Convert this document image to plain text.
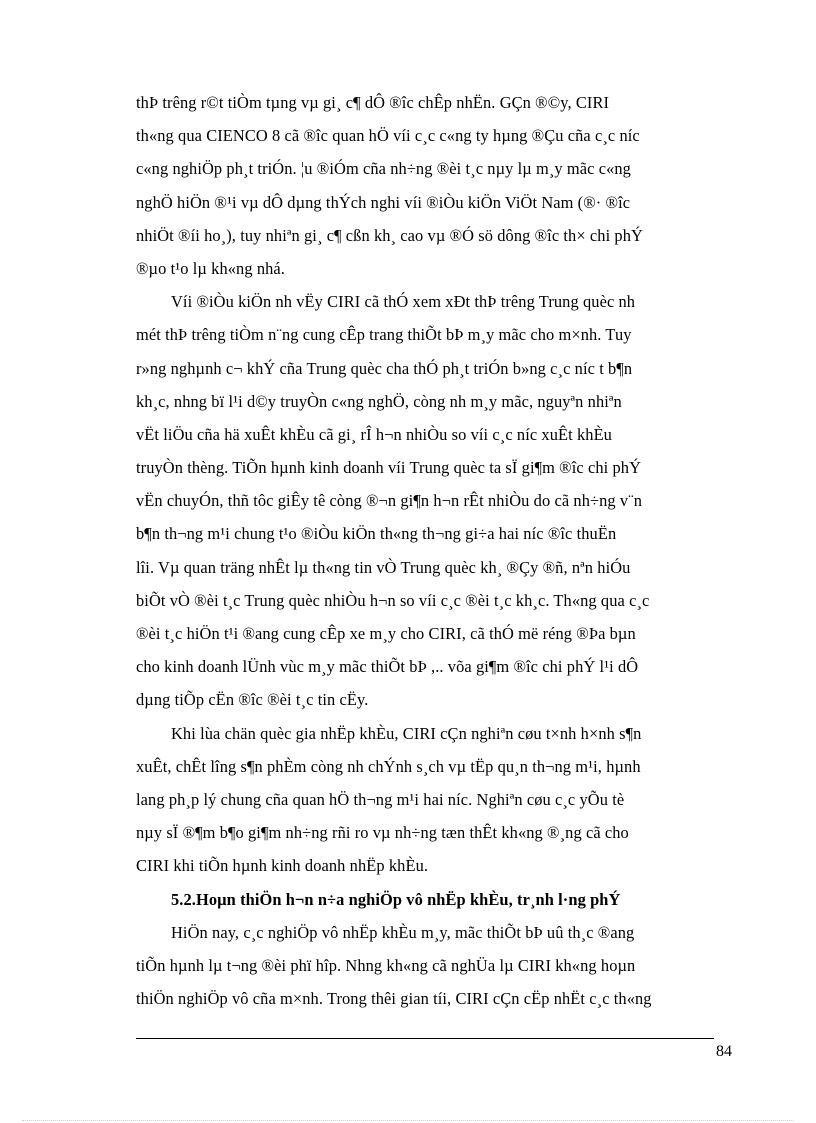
thÞ trêng r©t tiÒm tµng vµ gi¸ c¶ dÔ ®îc chÊp nhËn. GÇn ®©y, CIRI
th«ng qua CIENCO 8 cã ®îc quan hÖ víi c¸c c«ng ty hµng ®Çu cña c¸c níc
c«ng nghiÖp ph¸t triÓn. ¦u ®iÓm cña nh÷ng ®èi t¸c nµy lµ m¸y mãc c«ng
nghÖ hiÖn ®¹i vµ dÔ dµng thÝch nghi víi ®iÒu kiÖn ViÖt Nam (®· ®îc
nhiÖt ®íi ho¸), tuy nhiªn gi¸ c¶ cßn kh¸ cao vµ ®Ó sö dông ®îc th× chi phÝ
®µo t¹o lµ kh«ng nhá.
Víi ®iÒu kiÖn nh vËy CIRI cã thÓ xem xÐt thÞ trêng Trung quèc nh
mét thÞ trêng tiÒm n¨ng cung cÊp trang thiÕt bÞ m¸y mãc cho m×nh. Tuy
r»ng nghµnh c¬ khÝ cña Trung quèc cha thÓ ph¸t triÓn b»ng c¸c níc t b¶n
kh¸c, nhng bï l¹i d©y truyÒn c«ng nghÖ, còng nh m¸y mãc, nguyªn nhiªn
vËt liÖu cña hä xuÊt khÈu cã gi¸ rÎ h¬n nhiÒu so víi c¸c níc xuÊt khÈu
truyÒn thèng. TiÕn hµnh kinh doanh víi Trung quèc ta sÏ gi¶m ®îc chi phÝ
vËn chuyÓn, thñ tôc giÊy tê còng ®¬n gi¶n h¬n rÊt nhiÒu do cã nh÷ng v¨n
b¶n th¬ng m¹i chung t¹o ®iÒu kiÖn th«ng th¬ng gi÷a hai níc ®îc thuËn
lîi. Vµ quan träng nhÊt lµ th«ng tin vÒ Trung quèc kh¸ ®Çy ®ñ, nªn hiÓu
biÕt vÒ ®èi t¸c Trung quèc nhiÒu h¬n so víi c¸c ®èi t¸c kh¸c. Th«ng qua c¸c
®èi t¸c hiÖn t¹i ®ang cung cÊp xe m¸y cho CIRI, cã thÓ më réng ®Þa bµn
cho kinh doanh lÜnh vùc m¸y mãc thiÕt bÞ ,.. võa gi¶m ®îc chi phÝ l¹i dÔ
dµng tiÕp cËn ®îc ®èi t¸c tin cËy.
Khi lùa chän quèc gia nhËp khÈu, CIRI cÇn nghiªn cøu t×nh h×nh s¶n
xuÊt, chÊt lîng s¶n phÈm còng nh chÝnh s¸ch vµ tËp qu¸n th¬ng m¹i, hµnh
lang ph¸p lý chung cña quan hÖ th¬ng m¹i hai níc. Nghiªn cøu c¸c yÕu tè
nµy sÏ ®¶m b¶o gi¶m nh÷ng rñi ro vµ nh÷ng tæn thÊt kh«ng ®¸ng cã cho
CIRI khi tiÕn hµnh kinh doanh nhËp khÈu.
5.2.Hoµn thiÖn h¬n n÷a nghiÖp vô nhËp khÈu, tr¸nh l·ng phÝ
HiÖn nay, c¸c nghiÖp vô nhËp khÈu m¸y, mãc thiÕt bÞ uû th¸c ®ang
tiÕn hµnh lµ t¬ng ®èi phï hîp. Nhng kh«ng cã nghÜa lµ CIRI kh«ng hoµn
thiÖn nghiÖp vô cña m×nh. Trong thêi gian tíi, CIRI cÇn cËp nhËt c¸c th«ng
84
